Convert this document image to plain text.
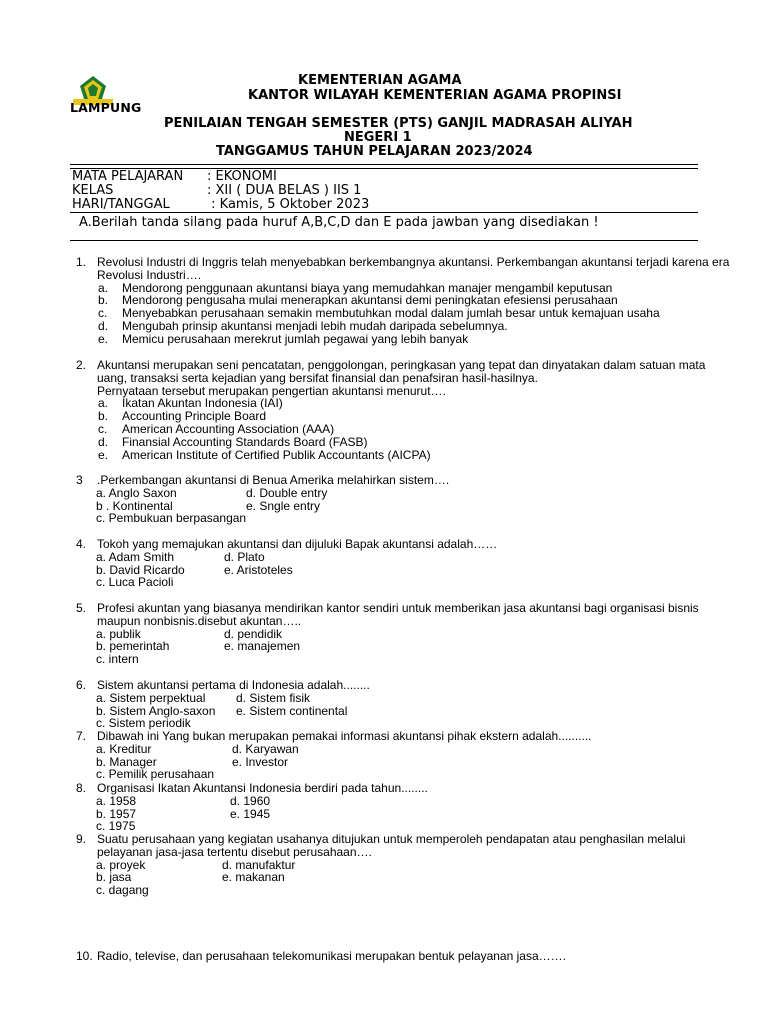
LAMPUNG
KEMENTERIAN AGAMA
KANTOR WILAYAH KEMENTERIAN AGAMA PROPINSI
PENILAIAN TENGAH SEMESTER (PTS) GANJIL MADRASAH ALIYAH
NEGERI 1
TANGGAMUS TAHUN PELAJARAN 2023/2024
MATA PELAJARAN : EKONOMI
KELAS	: XII ( DUA BELAS ) IIS 1
HARI/TANGGAL	: Kamis, 5 Oktober 2023
A.Berilah tanda silang pada huruf A,B,C,D dan E pada jawban yang disediakan !
1. Revolusi Industri di Inggris telah menyebabkan berkembangnya akuntansi. Perkembangan akuntansi terjadi karena era
Revolusi Industri….
a. Mendorong penggunaan akuntansi biaya yang memudahkan manajer mengambil keputusan
b. Mendorong pengusaha mulai menerapkan akuntansi demi peningkatan efesiensi perusahaan
c. Menyebabkan perusahaan semakin membutuhkan modal dalam jumlah besar untuk kemajuan usaha
d. Mengubah prinsip akuntansi menjadi lebih mudah daripada sebelumnya.
e. Memicu perusahaan merekrut jumlah pegawai yang lebih banyak
2. Akuntansi merupakan seni pencatatan, penggolongan, peringkasan yang tepat dan dinyatakan dalam satuan mata
uang, transaksi serta kejadian yang bersifat finansial dan penafsiran hasil-hasilnya.
Pernyataan tersebut merupakan pengertian akuntansi menurut….
a. Ikatan Akuntan Indonesia (IAI)
b. Accounting Principle Board
c. American Accounting Association (AAA)
d. Finansial Accounting Standards Board (FASB)
e. American Institute of Certified Publik Accountants (AICPA)
3 .Perkembangan akuntansi di Benua Amerika melahirkan sistem….
a. Anglo Saxon	d. Double entry
b . Kontinental	e. Sngle entry
c. Pembukuan berpasangan
4. Tokoh yang memajukan akuntansi dan dijuluki Bapak akuntansi adalah……
a. Adam Smith	d. Plato
b. David Ricardo	e. Aristoteles
c. Luca Pacioli
5. Profesi akuntan yang biasanya mendirikan kantor sendiri untuk memberikan jasa akuntansi bagi organisasi bisnis
maupun nonbisnis.disebut akuntan…..
a. publik	d. pendidik
b. pemerintah	e. manajemen
c. intern
6. Sistem akuntansi pertama di Indonesia adalah........
a. Sistem perpektual	d. Sistem fisik
b. Sistem Anglo-saxon	e. Sistem continental
c. Sistem periodik
7. Dibawah ini Yang bukan merupakan pemakai informasi akuntansi pihak ekstern adalah..........
a. Kreditur	d. Karyawan
b. Manager	e. Investor
c. Pemilik perusahaan
8. Organisasi Ikatan Akuntansi Indonesia berdiri pada tahun........
a. 1958	d. 1960
b. 1957	e. 1945
c. 1975
9. Suatu perusahaan yang kegiatan usahanya ditujukan untuk memperoleh pendapatan atau penghasilan melalui
pelayanan jasa-jasa tertentu disebut perusahaan….
a. proyek	d. manufaktur
b. jasa	e. makanan
c. dagang
10. Radio, televise, dan perusahaan telekomunikasi merupakan bentuk pelayanan jasa…….
